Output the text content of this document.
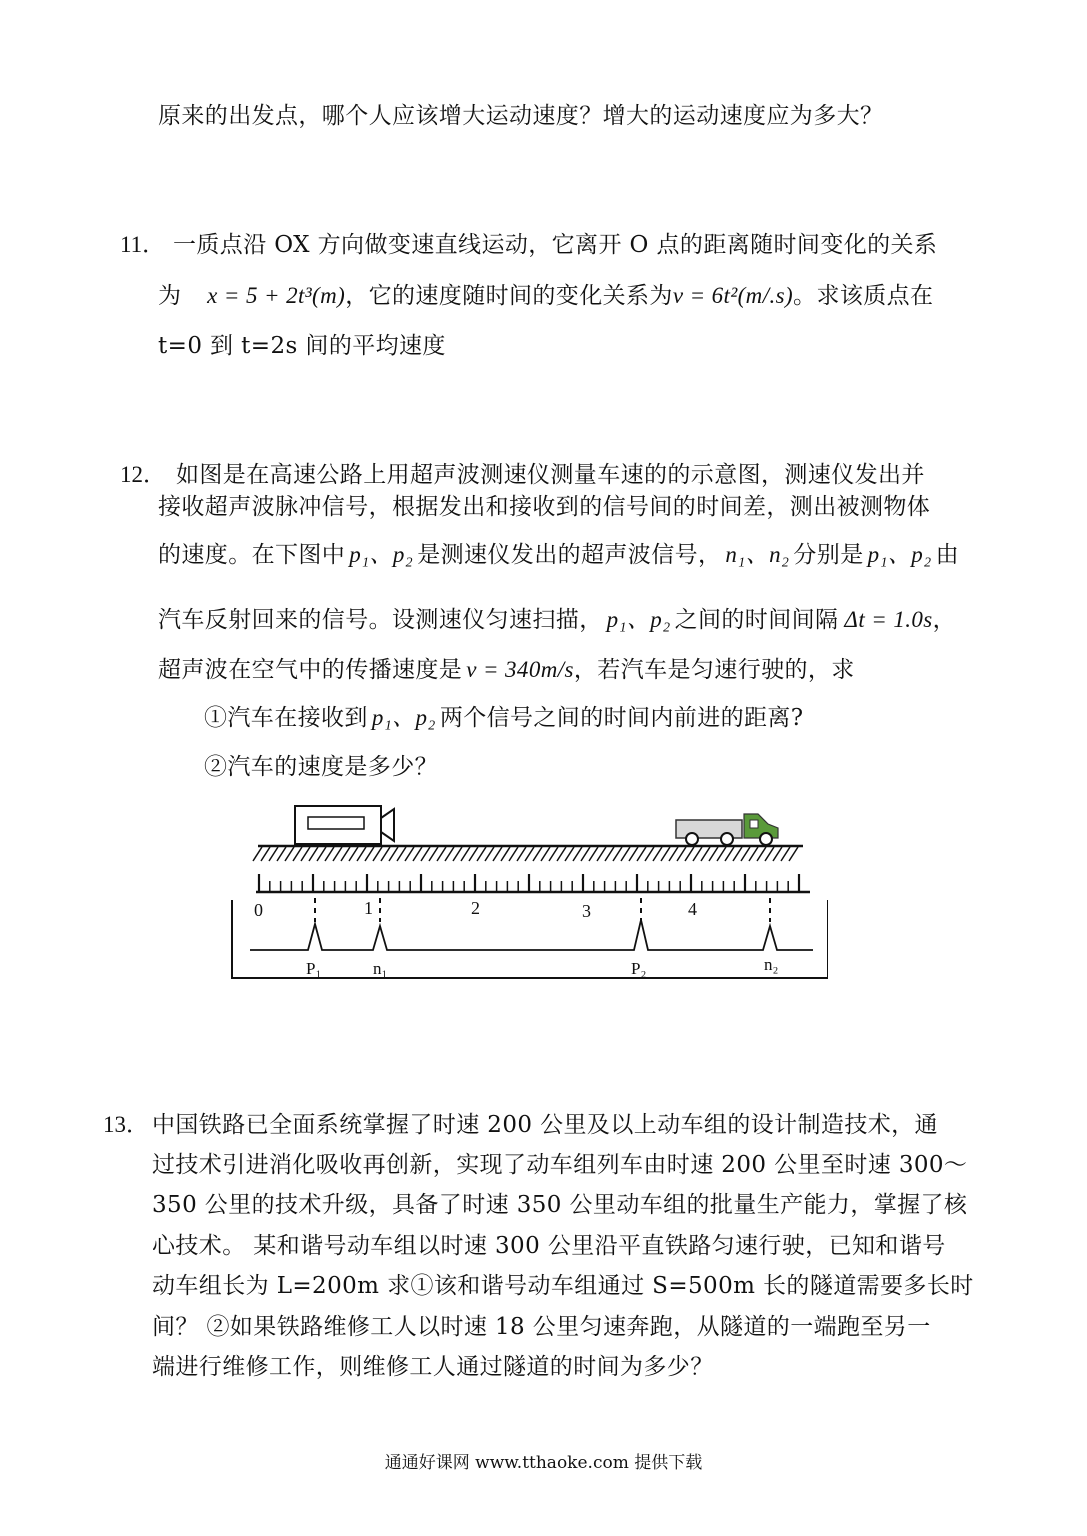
原来的出发点，哪个人应该增大运动速度？增大的运动速度应为多大？
11． 一质点沿 OX 方向做变速直线运动，它离开 O 点的距离随时间变化的关系
为 x = 5 + 2t³(m)，它的速度随时间的变化关系为v = 6t²(m/.s)。求该质点在
t=0 到 t=2s 间的平均速度
12． 如图是在高速公路上用超声波测速仪测量车速的的示意图，测速仪发出并
接收超声波脉冲信号，根据发出和接收到的信号间的时间差，测出被测物体
的速度。在下图中 p₁、p₂ 是测速仪发出的超声波信号， n₁、n₂ 分别是 p₁、p₂ 由
汽车反射回来的信号。设测速仪匀速扫描， p₁、p₂ 之间的时间间隔 Δt = 1.0s，
超声波在空气中的传播速度是 v = 340m/s，若汽车是匀速行驶的，求
①汽车在接收到 p₁、p₂ 两个信号之间的时间内前进的距离?
②汽车的速度是多少？
0	1	2	3	4
P₁	n₁	P₂	n₂
13． 中国铁路已全面系统掌握了时速 200 公里及以上动车组的设计制造技术，通
过技术引进消化吸收再创新，实现了动车组列车由时速 200 公里至时速 300～
350 公里的技术升级，具备了时速 350 公里动车组的批量生产能力，掌握了核
心技术。 某和谐号动车组以时速 300 公里沿平直铁路匀速行驶，已知和谐号
动车组长为 L=200m 求①该和谐号动车组通过 S=500m 长的隧道需要多长时
间？ ②如果铁路维修工人以时速 18 公里匀速奔跑，从隧道的一端跑至另一
端进行维修工作，则维修工人通过隧道的时间为多少？
通通好课网 www.tthaoke.com 提供下载
